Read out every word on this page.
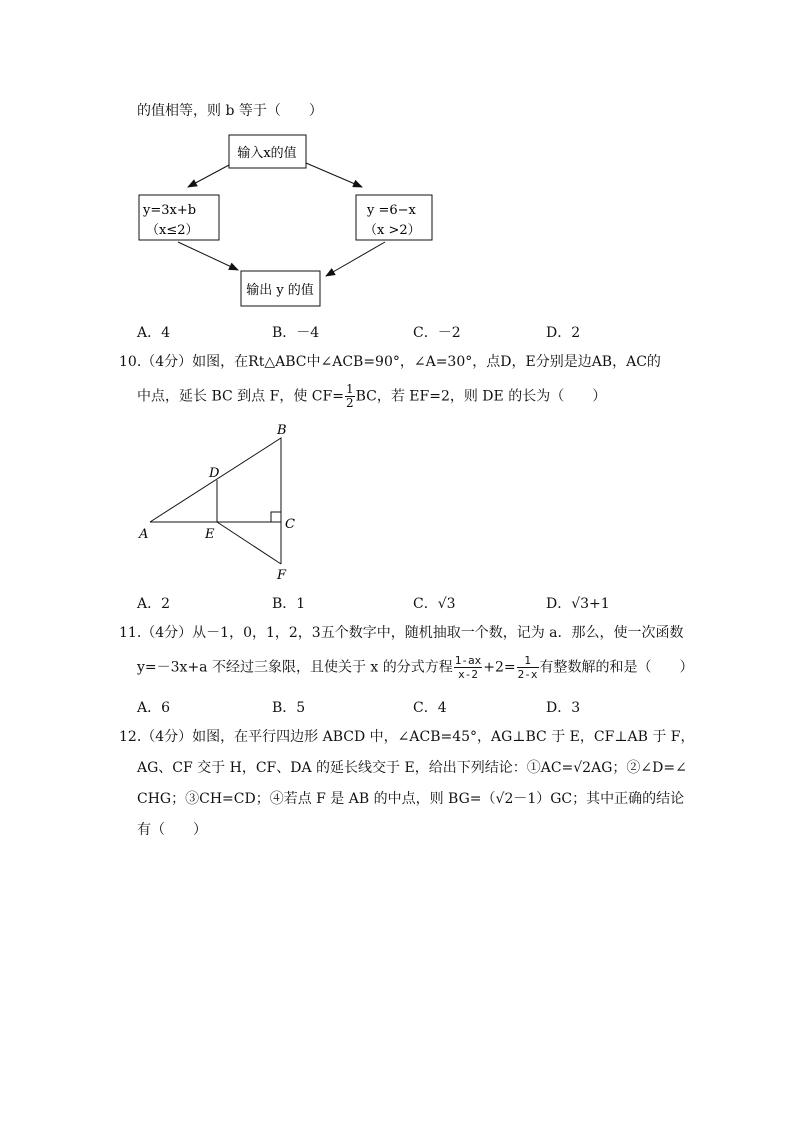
的值相等，则 b 等于（　　）
输入x的值
y=3x+b
（x≤2）
y =6−x
（x >2）
输出 y 的值
A．4	B．－4	C．－2	D．2
10.（4分）如图，在Rt△ABC中∠ACB=90°，∠A=30°，点D，E分别是边AB，AC的
中点，延长 BC 到点 F，使 $CF= \frac{1}{2}$ BC，若 EF=2，则 DE 的长为（　　）
A
B
C
D
E
F
A．2	B．1	C．√3	D．√3+1
11.（4分）从－1，0，1，2，3五个数字中，随机抽取一个数，记为 a．那么，使一次函数
y=－3x+a 不经过三象限，且使关于 x 的分式方程 $\frac{1-ax}{x-2} +2= \frac{1}{2-x}$ 有整数解的和是（　　）
A．6	B．5	C．4	D．3
12.（4分）如图，在平行四边形 ABCD 中，∠ACB=45°，AG⊥BC 于 E，CF⊥AB 于 F，
AG、CF 交于 H，CF、DA 的延长线交于 E，给出下列结论：①AC=√2AG；②∠D=∠
CHG；③CH=CD；④若点 F 是 AB 的中点，则 BG=（√2－1）GC；其中正确的结论
有（　　）
